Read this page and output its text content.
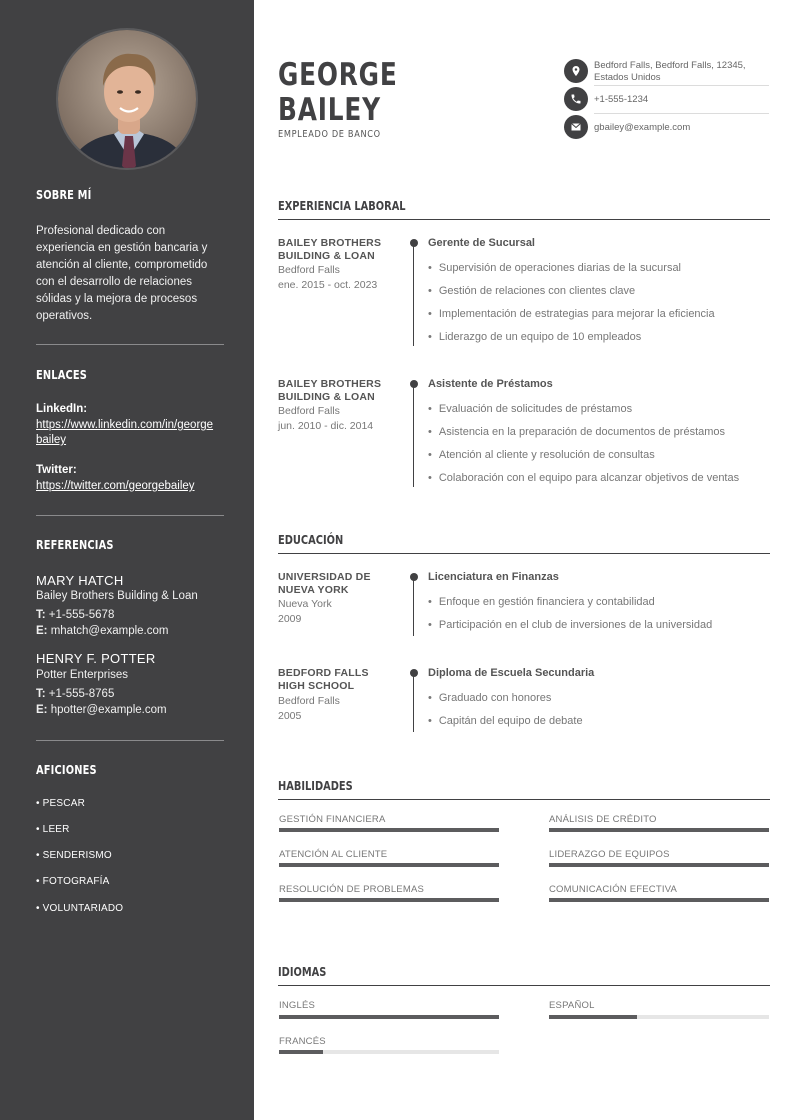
SOBRE MÍ
Profesional dedicado con experiencia en gestión bancaria y atención al cliente, comprometido con el desarrollo de relaciones sólidas y la mejora de procesos operativos.
ENLACES
LinkedIn:
https://www.linkedin.com/in/georgebailey
Twitter:
https://twitter.com/georgebailey
REFERENCIAS
MARY HATCH
Bailey Brothers Building & Loan
T: +1-555-5678
E: mhatch@example.com
HENRY F. POTTER
Potter Enterprises
T: +1-555-8765
E: hpotter@example.com
AFICIONES
• PESCAR
• LEER
• SENDERISMO
• FOTOGRAFÍA
• VOLUNTARIADO
GEORGE
BAILEY
EMPLEADO DE BANCO
Bedford Falls, Bedford Falls, 12345,
Estados Unidos
+1-555-1234
gbailey@example.com
EXPERIENCIA LABORAL
BAILEY BROTHERS BUILDING & LOAN
Bedford Falls
ene. 2015 - oct. 2023
Gerente de Sucursal
• Supervisión de operaciones diarias de la sucursal
• Gestión de relaciones con clientes clave
• Implementación de estrategias para mejorar la eficiencia
• Liderazgo de un equipo de 10 empleados
BAILEY BROTHERS BUILDING & LOAN
Bedford Falls
jun. 2010 - dic. 2014
Asistente de Préstamos
• Evaluación de solicitudes de préstamos
• Asistencia en la preparación de documentos de préstamos
• Atención al cliente y resolución de consultas
• Colaboración con el equipo para alcanzar objetivos de ventas
EDUCACIÓN
UNIVERSIDAD DE NUEVA YORK
Nueva York
2009
Licenciatura en Finanzas
• Enfoque en gestión financiera y contabilidad
• Participación en el club de inversiones de la universidad
BEDFORD FALLS HIGH SCHOOL
Bedford Falls
2005
Diploma de Escuela Secundaria
• Graduado con honores
• Capitán del equipo de debate
HABILIDADES
GESTIÓN FINANCIERA	ANÁLISIS DE CRÉDITO
ATENCIÓN AL CLIENTE	LIDERAZGO DE EQUIPOS
RESOLUCIÓN DE PROBLEMAS	COMUNICACIÓN EFECTIVA
IDIOMAS
INGLÉS	ESPAÑOL
FRANCÉS
